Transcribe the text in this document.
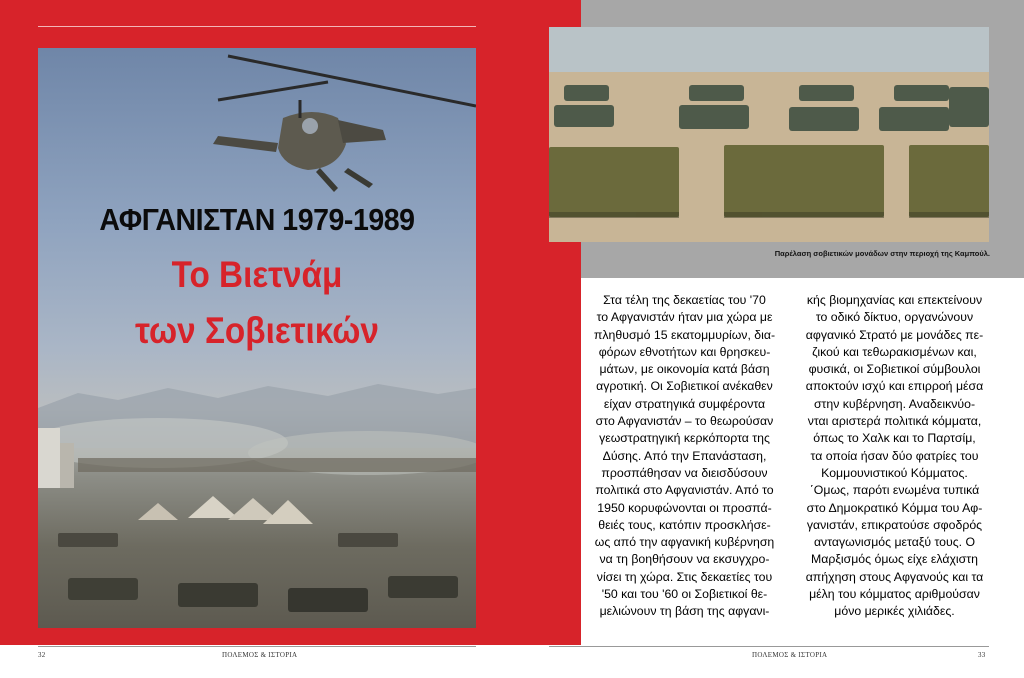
ΑΦΓΑΝΙΣΤΑΝ 1979-1989
Το Βιετνάμ
των Σοβιετικών
Παρέλαση σοβιετικών μονάδων στην περιοχή της Καμπούλ.
Στα τέλη της δεκαετίας του '70
το Αφγανιστάν ήταν μια χώρα με
πληθυσμό 15 εκατομμυρίων, δια-
φόρων εθνοτήτων και θρησκευ-
μάτων, με οικονομία κατά βάση
αγροτική. Οι Σοβιετικοί ανέκαθεν
είχαν στρατηγικά συμφέροντα
στο Αφγανιστάν – το θεωρούσαν
γεωστρατηγική κερκόπορτα της
Δύσης. Από την Επανάσταση,
προσπάθησαν να διεισδύσουν
πολιτικά στο Αφγανιστάν. Από το
1950 κορυφώνονται οι προσπά-
θειές τους, κατόπιν προσκλήσε-
ως από την αφγανική κυβέρνηση
να τη βοηθήσουν να εκσυγχρο-
νίσει τη χώρα. Στις δεκαετίες του
'50 και του '60 οι Σοβιετικοί θε-
μελιώνουν τη βάση της αφγανι-
κής βιομηχανίας και επεκτείνουν
το οδικό δίκτυο, οργανώνουν
αφγανικό Στρατό με μονάδες πε-
ζικού και τεθωρακισμένων και,
φυσικά, οι Σοβιετικοί σύμβουλοι
αποκτούν ισχύ και επιρροή μέσα
στην κυβέρνηση. Αναδεικνύο-
νται αριστερά πολιτικά κόμματα,
όπως το Χαλκ και το Παρτσίμ,
τα οποία ήσαν δύο φατρίες του
Κομμουνιστικού Κόμματος.
΄Ομως, παρότι ενωμένα τυπικά
στο Δημοκρατικό Κόμμα του Αφ-
γανιστάν, επικρατούσε σφοδρός
ανταγωνισμός μεταξύ τους. Ο
Μαρξισμός όμως είχε ελάχιστη
απήχηση στους Αφγανούς και τα
μέλη του κόμματος αριθμούσαν
μόνο μερικές χιλιάδες.
32	ΠΟΛΕΜΟΣ & ΙΣΤΟΡΙΑ	ΠΟΛΕΜΟΣ & ΙΣΤΟΡΙΑ	33
